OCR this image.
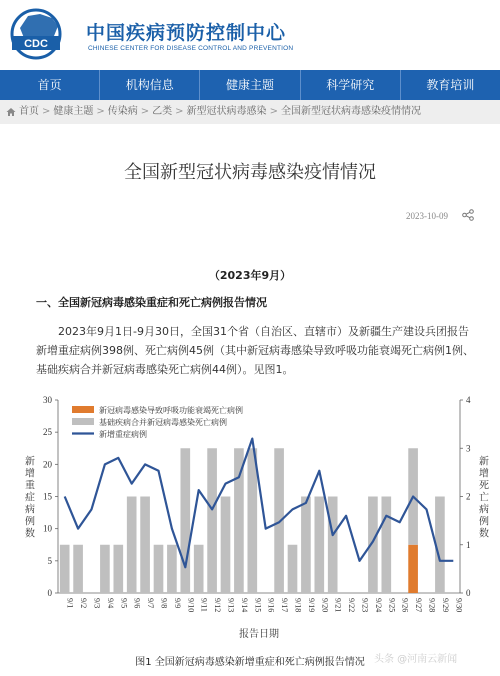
CDC 中国疾病预防控制中心
CHINESE CENTER FOR DISEASE CONTROL AND PREVENTION
首页	机构信息	健康主题	科学研究	教育培训
首页 > 健康主题 > 传染病 > 乙类 > 新型冠状病毒感染 > 全国新型冠状病毒感染疫情情况
全国新型冠状病毒感染疫情情况
2023-10-09
（2023年9月）
一、全国新冠病毒感染重症和死亡病例报告情况
2023年9月1日-9月30日，全国31个省（自治区、直辖市）及新疆生产建设兵团报告新增重症病例398例、死亡病例45例（其中新冠病毒感染导致呼吸功能衰竭死亡病例1例、基础疾病合并新冠病毒感染死亡病例44例）。见图1。
0
5
10
15
20
25
30
0
1
2
3
4
新增重症病例数
新增死亡病例数
9/1 9/2 9/3 9/4 9/5 9/6 9/7 9/8 9/9 9/10 9/11 9/12 9/13 9/14 9/15 9/16 9/17 9/18 9/19 9/20 9/21 9/22 9/23 9/24 9/25 9/26 9/27 9/28 9/29 9/30
报告日期
新冠病毒感染导致呼吸功能衰竭死亡病例
基础疾病合并新冠病毒感染死亡病例
新增重症病例
图1 全国新冠病毒感染新增重症和死亡病例报告情况 头条 @河南云新闻
